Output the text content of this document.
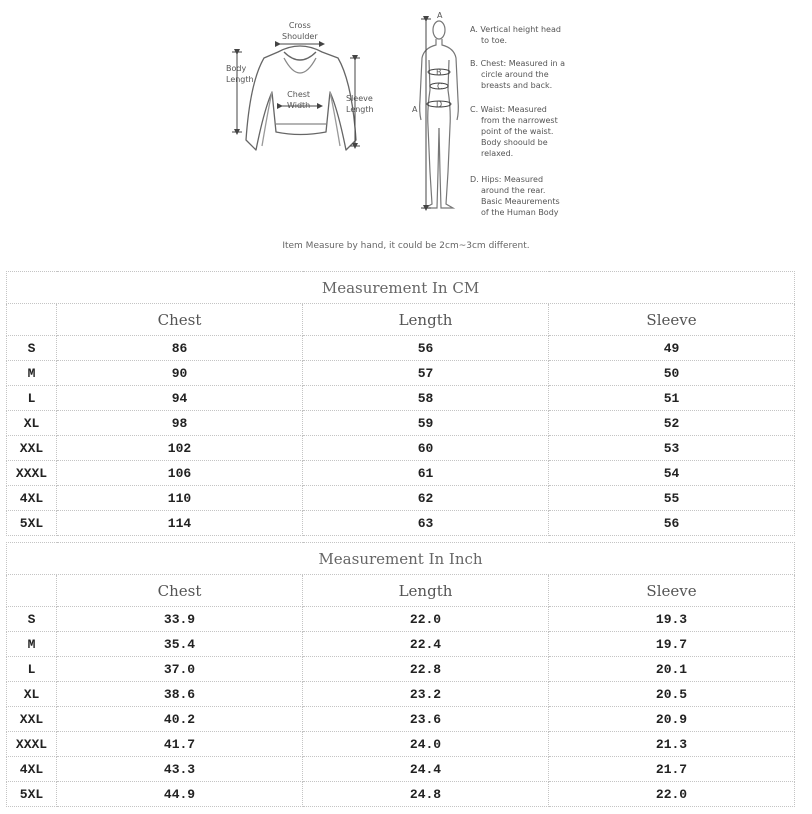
Cross
Shoulder
Body
Length
Chest
Width
Sleeve
Length
A
B
C
D
A
A. Vertical height head
to toe.
B. Chest: Measured in a
circle around the
breasts and back.
C. Waist: Measured
from the narrowest
point of the waist.
Body shoould be
relaxed.
D. Hips: Measured
around the rear.
Basic Meaurements
of the Human Body
Item Measure by hand, it could be 2cm~3cm different.
Measurement In CM			
	Chest	Length	Sleeve
S	86	56	49
M	90	57	50
L	94	58	51
XL	98	59	52
XXL	102	60	53
XXXL	106	61	54
4XL	110	62	55
5XL	114	63	56
Measurement In Inch			
	Chest	Length	Sleeve
S	33.9	22.0	19.3
M	35.4	22.4	19.7
L	37.0	22.8	20.1
XL	38.6	23.2	20.5
XXL	40.2	23.6	20.9
XXXL	41.7	24.0	21.3
4XL	43.3	24.4	21.7
5XL	44.9	24.8	22.0
